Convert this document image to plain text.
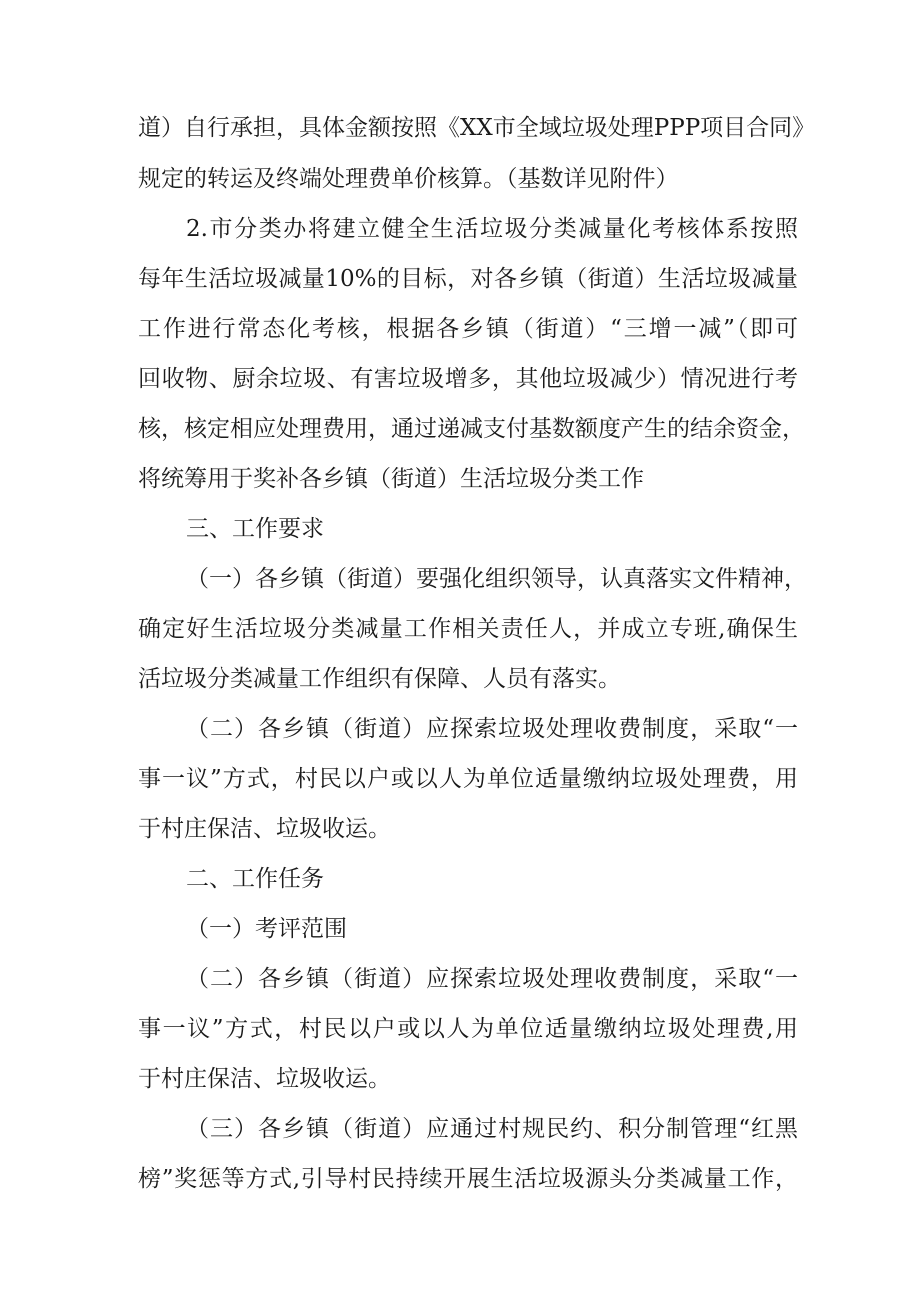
道）自行承担，具体金额按照《XX市全域垃圾处理PPP项目合同》
规定的转运及终端处理费单价核算。（基数详见附件）
2.市分类办将建立健全生活垃圾分类减量化考核体系按照
每年生活垃圾减量10%的目标，对各乡镇（街道）生活垃圾减量
工作进行常态化考核，根据各乡镇（街道）“三增一减”（即可
回收物、厨余垃圾、有害垃圾增多，其他垃圾减少）情况进行考
核，核定相应处理费用，通过递减支付基数额度产生的结余资金，
将统筹用于奖补各乡镇（街道）生活垃圾分类工作
三、工作要求
（一）各乡镇（街道）要强化组织领导，认真落实文件精神，
确定好生活垃圾分类减量工作相关责任人，并成立专班,确保生
活垃圾分类减量工作组织有保障、人员有落实。
（二）各乡镇（街道）应探索垃圾处理收费制度，采取“一
事一议”方式，村民以户或以人为单位适量缴纳垃圾处理费，用
于村庄保洁、垃圾收运。
二、工作任务
（一）考评范围
（二）各乡镇（街道）应探索垃圾处理收费制度，采取“一
事一议”方式，村民以户或以人为单位适量缴纳垃圾处理费,用
于村庄保洁、垃圾收运。
（三）各乡镇（街道）应通过村规民约、积分制管理“红黑
榜”奖惩等方式,引导村民持续开展生活垃圾源头分类减量工作，
